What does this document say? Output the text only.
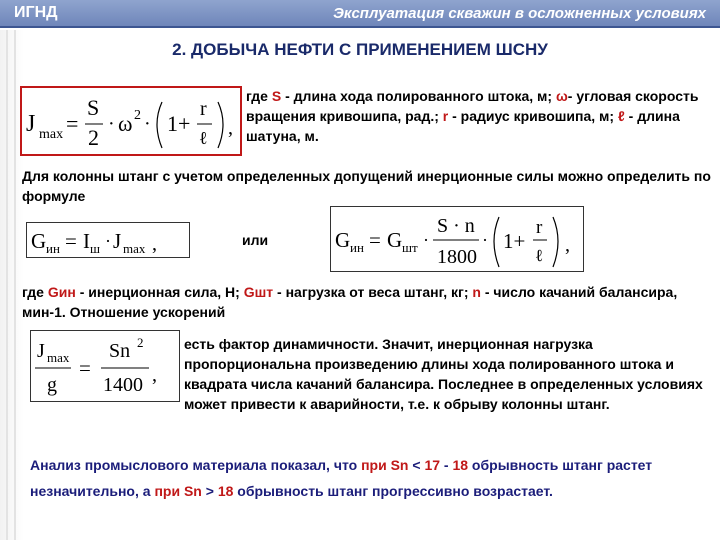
ИГНД	Эксплуатация скважин в осложненных условиях
2. ДОБЫЧА НЕФТИ С ПРИМЕНЕНИЕМ ШСНУ
J max =
S
2
· ω 2 · 1+
r
ℓ ,
где S - длина хода полированного штока, м; ω- угловая скорость вращения кривошипа, рад.; r - радиус кривошипа, м; ℓ - длина шатуна, м.
Для колонны штанг с учетом определенных допущений инерционные силы можно определить по формуле
G ин = I ш · J max ,	или	G ин = G шт ·
S · n
1800
· 1+
r
ℓ ,
где Gин - инерционная сила, Н; Gшт - нагрузка от веса штанг, кг; n - число качаний балансира, мин-1. Отношение ускорений
J max
g
=
Sn 2
1400 ,
есть фактор динамичности. Значит, инерционная нагрузка пропорциональна произведению длины хода полированного штока и квадрата числа качаний балансира. Последнее в определенных условиях может привести к аварийности, т.е. к обрыву колонны штанг.
Анализ промыслового материала показал, что при Sn < 17 - 18 обрывность штанг растет незначительно, а при Sn > 18 обрывность штанг прогрессивно возрастает.
